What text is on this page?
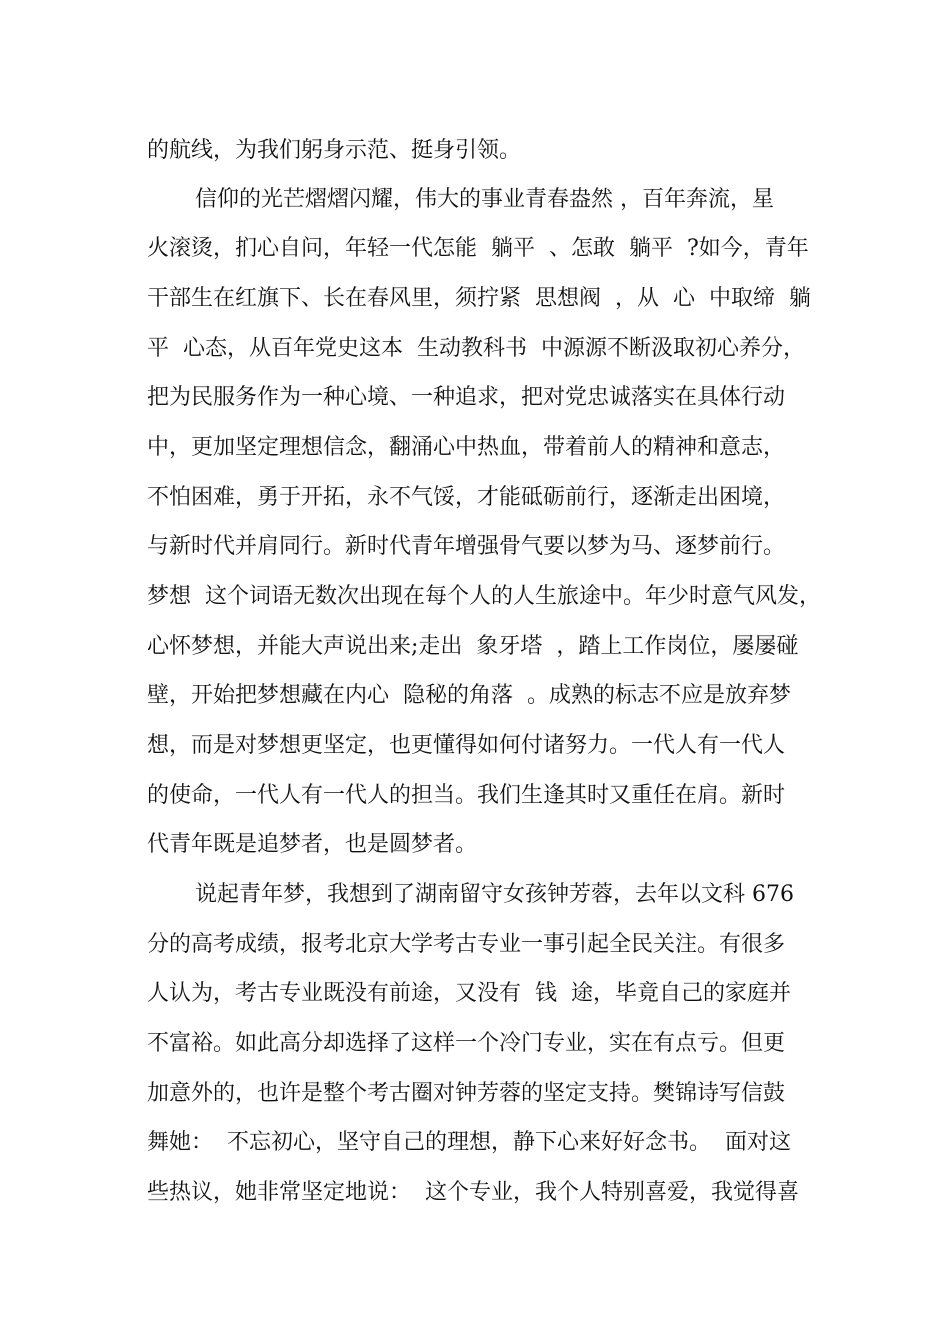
的航线，为我们躬身示范、挺身引领。
信仰的光芒熠熠闪耀，伟大的事业青春盎然 ，百年奔流，星
火滚烫，扪心自问，年轻一代怎能  躺平  、怎敢  躺平  ?如今，青年
干部生在红旗下、长在春风里，须拧紧  思想阀  ，从  心  中取缔  躺
平  心态，从百年党史这本  生动教科书  中源源不断汲取初心养分，
把为民服务作为一种心境、一种追求，把对党忠诚落实在具体行动
中，更加坚定理想信念，翻涌心中热血，带着前人的精神和意志，
不怕困难，勇于开拓，永不气馁，才能砥砺前行，逐渐走出困境，
与新时代并肩同行。新时代青年增强骨气要以梦为马、逐梦前行。
梦想  这个词语无数次出现在每个人的人生旅途中。年少时意气风发，
心怀梦想，并能大声说出来;走出  象牙塔  ，踏上工作岗位，屡屡碰
壁，开始把梦想藏在内心  隐秘的角落  。成熟的标志不应是放弃梦
想，而是对梦想更坚定，也更懂得如何付诸努力。一代人有一代人
的使命，一代人有一代人的担当。我们生逢其时又重任在肩。新时
代青年既是追梦者，也是圆梦者。
说起青年梦，我想到了湖南留守女孩钟芳蓉，去年以文科 676
分的高考成绩，报考北京大学考古专业一事引起全民关注。有很多
人认为，考古专业既没有前途，又没有  钱  途，毕竟自己的家庭并
不富裕。如此高分却选择了这样一个冷门专业，实在有点亏。但更
加意外的，也许是整个考古圈对钟芳蓉的坚定支持。樊锦诗写信鼓
舞她：  不忘初心，坚守自己的理想，静下心来好好念书。  面对这
些热议，她非常坚定地说：  这个专业，我个人特别喜爱，我觉得喜
